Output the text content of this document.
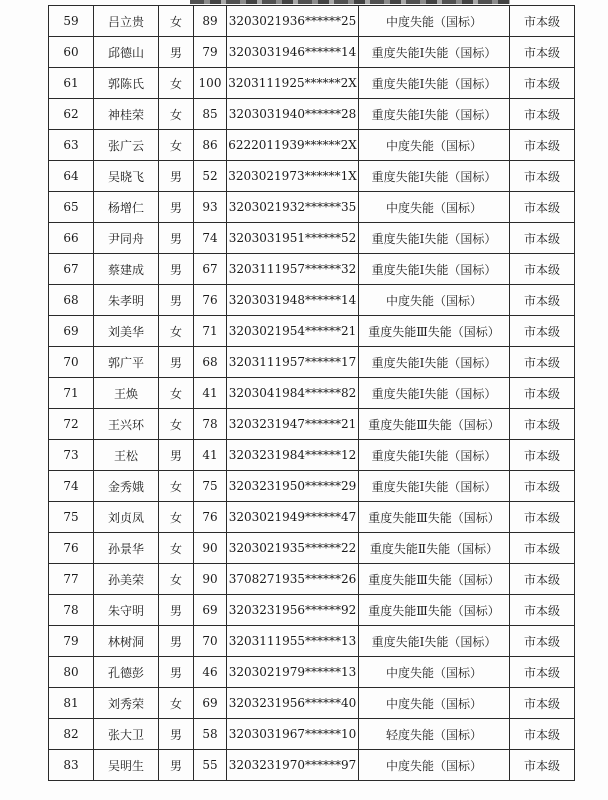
59	吕立贵	女	89	3203021936******25	中度失能（国标）	市本级
60	邱德山	男	79	3203031946******14	重度失能Ⅰ失能（国标）	市本级
61	郭陈氏	女	100	3203111925******2X	重度失能Ⅰ失能（国标）	市本级
62	神桂荣	女	85	3203031940******28	重度失能Ⅰ失能（国标）	市本级
63	张广云	女	86	6222011939******2X	中度失能（国标）	市本级
64	吴晓飞	男	52	3203021973******1X	重度失能Ⅰ失能（国标）	市本级
65	杨增仁	男	93	3203021932******35	中度失能（国标）	市本级
66	尹同舟	男	74	3203031951******52	重度失能Ⅰ失能（国标）	市本级
67	蔡建成	男	67	3203111957******32	重度失能Ⅰ失能（国标）	市本级
68	朱孝明	男	76	3203031948******14	中度失能（国标）	市本级
69	刘美华	女	71	3203021954******21	重度失能Ⅲ失能（国标）	市本级
70	郭广平	男	68	3203111957******17	重度失能Ⅰ失能（国标）	市本级
71	王焕	女	41	3203041984******82	重度失能Ⅰ失能（国标）	市本级
72	王兴环	女	78	3203231947******21	重度失能Ⅲ失能（国标）	市本级
73	王松	男	41	3203231984******12	重度失能Ⅰ失能（国标）	市本级
74	金秀娥	女	75	3203231950******29	重度失能Ⅰ失能（国标）	市本级
75	刘贞凤	女	76	3203021949******47	重度失能Ⅲ失能（国标）	市本级
76	孙景华	女	90	3203021935******22	重度失能Ⅱ失能（国标）	市本级
77	孙美荣	女	90	3708271935******26	重度失能Ⅲ失能（国标）	市本级
78	朱守明	男	69	3203231956******92	重度失能Ⅲ失能（国标）	市本级
79	林树洞	男	70	3203111955******13	重度失能Ⅰ失能（国标）	市本级
80	孔德彭	男	46	3203021979******13	中度失能（国标）	市本级
81	刘秀荣	女	69	3203231956******40	中度失能（国标）	市本级
82	张大卫	男	58	3203031967******10	轻度失能（国标）	市本级
83	吴明生	男	55	3203231970******97	中度失能（国标）	市本级
